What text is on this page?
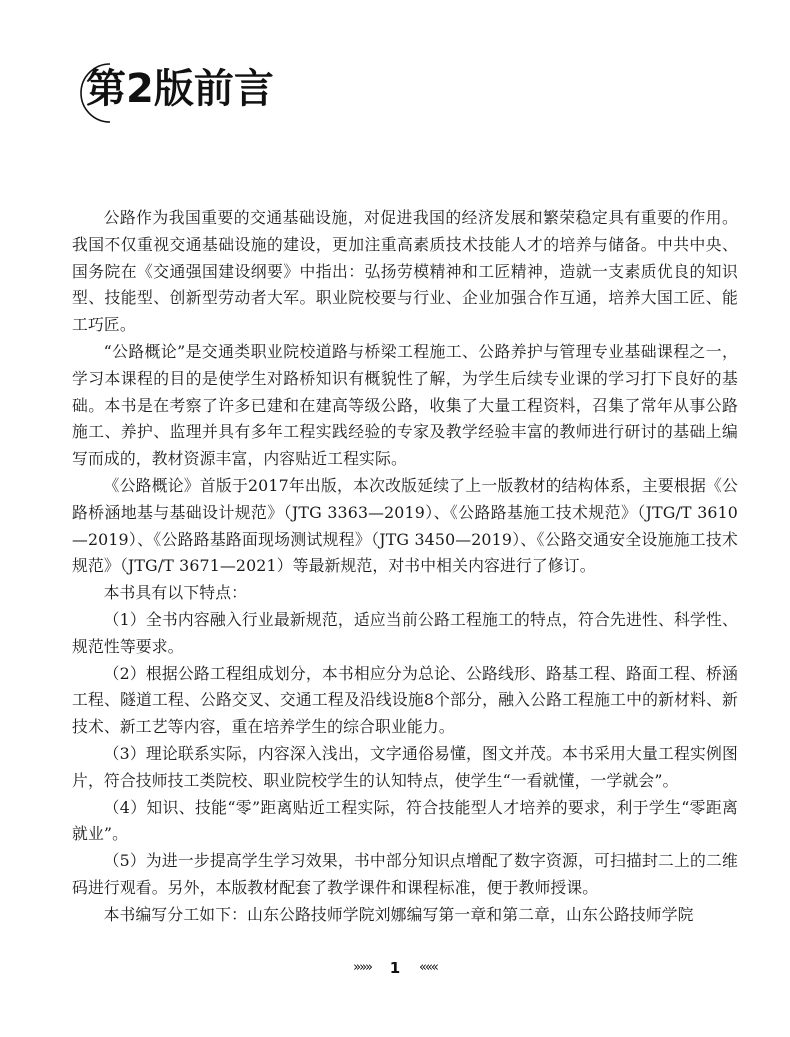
第2版前言

公路作为我国重要的交通基础设施，对促进我国的经济发展和繁荣稳定具有重要的作用。我国不仅重视交通基础设施的建设，更加注重高素质技术技能人才的培养与储备。中共中央、国务院在《交通强国建设纲要》中指出：弘扬劳模精神和工匠精神，造就一支素质优良的知识型、技能型、创新型劳动者大军。职业院校要与行业、企业加强合作互通，培养大国工匠、能工巧匠。

“公路概论”是交通类职业院校道路与桥梁工程施工、公路养护与管理专业基础课程之一，学习本课程的目的是使学生对路桥知识有概貌性了解，为学生后续专业课的学习打下良好的基础。本书是在考察了许多已建和在建高等级公路，收集了大量工程资料，召集了常年从事公路施工、养护、监理并具有多年工程实践经验的专家及教学经验丰富的教师进行研讨的基础上编写而成的，教材资源丰富，内容贴近工程实际。

《公路概论》首版于2017年出版，本次改版延续了上一版教材的结构体系，主要根据《公路桥涵地基与基础设计规范》（JTG 3363—2019）、《公路路基施工技术规范》（JTG/T 3610—2019）、《公路路基路面现场测试规程》（JTG 3450—2019）、《公路交通安全设施施工技术规范》（JTG/T 3671—2021）等最新规范，对书中相关内容进行了修订。

本书具有以下特点：

（1）全书内容融入行业最新规范，适应当前公路工程施工的特点，符合先进性、科学性、规范性等要求。

（2）根据公路工程组成划分，本书相应分为总论、公路线形、路基工程、路面工程、桥涵工程、隧道工程、公路交叉、交通工程及沿线设施8个部分，融入公路工程施工中的新材料、新技术、新工艺等内容，重在培养学生的综合职业能力。

（3）理论联系实际，内容深入浅出，文字通俗易懂，图文并茂。本书采用大量工程实例图片，符合技师技工类院校、职业院校学生的认知特点，使学生“一看就懂，一学就会”。

（4）知识、技能“零”距离贴近工程实际，符合技能型人才培养的要求，利于学生“零距离就业”。

（5）为进一步提高学生学习效果，书中部分知识点增配了数字资源，可扫描封二上的二维码进行观看。另外，本版教材配套了教学课件和课程标准，便于教师授课。

本书编写分工如下：山东公路技师学院刘娜编写第一章和第二章，山东公路技师学院

»»» 1 «««
